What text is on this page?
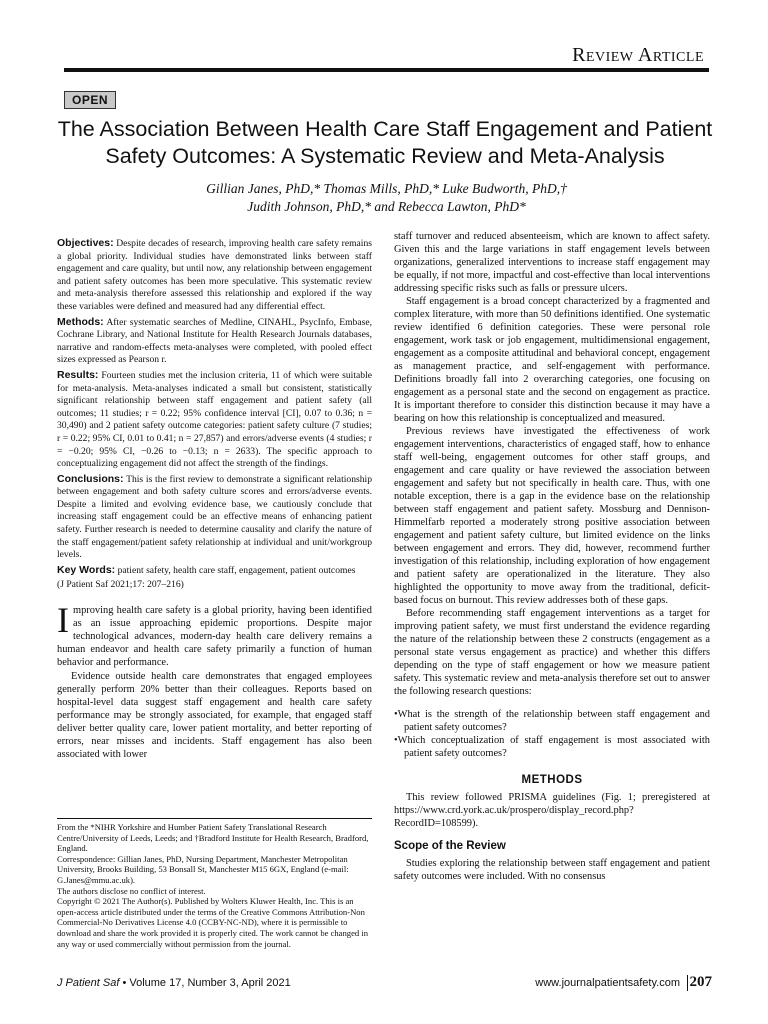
Review Article
OPEN
The Association Between Health Care Staff Engagement and Patient Safety Outcomes: A Systematic Review and Meta-Analysis
Gillian Janes, PhD,* Thomas Mills, PhD,* Luke Budworth, PhD,†
Judith Johnson, PhD,* and Rebecca Lawton, PhD*

Objectives: Despite decades of research, improving health care safety remains a global priority. Individual studies have demonstrated links between staff engagement and care quality, but until now, any relationship between engagement and patient safety outcomes has been more speculative. This systematic review and meta-analysis therefore assessed this relationship and explored if the way these variables were defined and measured had any differential effect.

Methods: After systematic searches of Medline, CINAHL, PsycInfo, Embase, Cochrane Library, and National Institute for Health Research Journals databases, narrative and random-effects meta-analyses were completed, with pooled effect sizes expressed as Pearson r.

Results: Fourteen studies met the inclusion criteria, 11 of which were suitable for meta-analysis. Meta-analyses indicated a small but consistent, statistically significant relationship between staff engagement and patient safety (all outcomes; 11 studies; r = 0.22; 95% confidence interval [CI], 0.07 to 0.36; n = 30,490) and 2 patient safety outcome categories: patient safety culture (7 studies; r = 0.22; 95% CI, 0.01 to 0.41; n = 27,857) and errors/adverse events (4 studies; r = −0.20; 95% CI, −0.26 to −0.13; n = 2633). The specific approach to conceptualizing engagement did not affect the strength of the findings.

Conclusions: This is the first review to demonstrate a significant relationship between engagement and both safety culture scores and errors/adverse events. Despite a limited and evolving evidence base, we cautiously conclude that increasing staff engagement could be an effective means of enhancing patient safety. Further research is needed to determine causality and clarify the nature of the staff engagement/patient safety relationship at individual and unit/workgroup levels.

Key Words: patient safety, health care staff, engagement, patient outcomes

(J Patient Saf 2021;17: 207–216)

Improving health care safety is a global priority, having been identified as an issue approaching epidemic proportions. Despite major technological advances, modern-day health care delivery remains a human endeavor and health care safety primarily a function of human behavior and performance.

Evidence outside health care demonstrates that engaged employees generally perform 20% better than their colleagues. Reports based on hospital-level data suggest staff engagement and health care safety performance may be strongly associated, for example, that engaged staff deliver better quality care, lower patient mortality, and better reporting of errors, near misses and incidents. Staff engagement has also been associated with lower

From the *NIHR Yorkshire and Humber Patient Safety Translational Research Centre/University of Leeds, Leeds; and †Bradford Institute for Health Research, Bradford, England.

Correspondence: Gillian Janes, PhD, Nursing Department, Manchester Metropolitan University, Brooks Building, 53 Bonsall St, Manchester M15 6GX, England (e-mail: G.Janes@mmu.ac.uk).

The authors disclose no conflict of interest.

Copyright © 2021 The Author(s). Published by Wolters Kluwer Health, Inc. This is an open-access article distributed under the terms of the Creative Commons Attribution-Non Commercial-No Derivatives License 4.0 (CCBY-NC-ND), where it is permissible to download and share the work provided it is properly cited. The work cannot be changed in any way or used commercially without permission from the journal.

staff turnover and reduced absenteeism, which are known to affect safety. Given this and the large variations in staff engagement levels between organizations, generalized interventions to increase staff engagement may be equally, if not more, impactful and cost-effective than local interventions addressing specific risks such as falls or pressure ulcers.

Staff engagement is a broad concept characterized by a fragmented and complex literature, with more than 50 definitions identified. One systematic review identified 6 definition categories. These were personal role engagement, work task or job engagement, multidimensional engagement, engagement as a composite attitudinal and behavioral concept, engagement as management practice, and self-engagement with performance. Definitions broadly fall into 2 overarching categories, one focusing on engagement as a personal state and the second on engagement as practice. It is important therefore to consider this distinction because it may have a bearing on how this relationship is conceptualized and measured.

Previous reviews have investigated the effectiveness of work engagement interventions, characteristics of engaged staff, how to enhance staff well-being, engagement outcomes for other staff groups, and engagement and care quality or have reviewed the association between engagement and safety but not specifically in health care. Thus, with one notable exception, there is a gap in the evidence base on the relationship between staff engagement and patient safety. Mossburg and Dennison-Himmelfarb reported a moderately strong positive association between engagement and patient safety culture, but limited evidence on the links between engagement and errors. They did, however, recommend further investigation of this relationship, including exploration of how engagement and patient safety are operationalized in the literature. They also highlighted the opportunity to move away from the traditional, deficit-based focus on burnout. This review addresses both of these gaps.

Before recommending staff engagement interventions as a target for improving patient safety, we must first understand the evidence regarding the nature of the relationship between these 2 constructs (engagement as a personal state versus engagement as practice) and whether this differs depending on the type of staff engagement or how we measure patient safety. This systematic review and meta-analysis therefore set out to answer the following research questions:

•What is the strength of the relationship between staff engagement and patient safety outcomes?
•Which conceptualization of staff engagement is most associated with patient safety outcomes?
METHODS

This review followed PRISMA guidelines (Fig. 1; preregistered at https://www.crd.york.ac.uk/prospero/display_record.php?RecordID=108599).

Scope of the Review

Studies exploring the relationship between staff engagement and patient safety outcomes were included. With no consensus

J Patient Saf • Volume 17, Number 3, April 2021	www.journalpatientsafety.com 207
